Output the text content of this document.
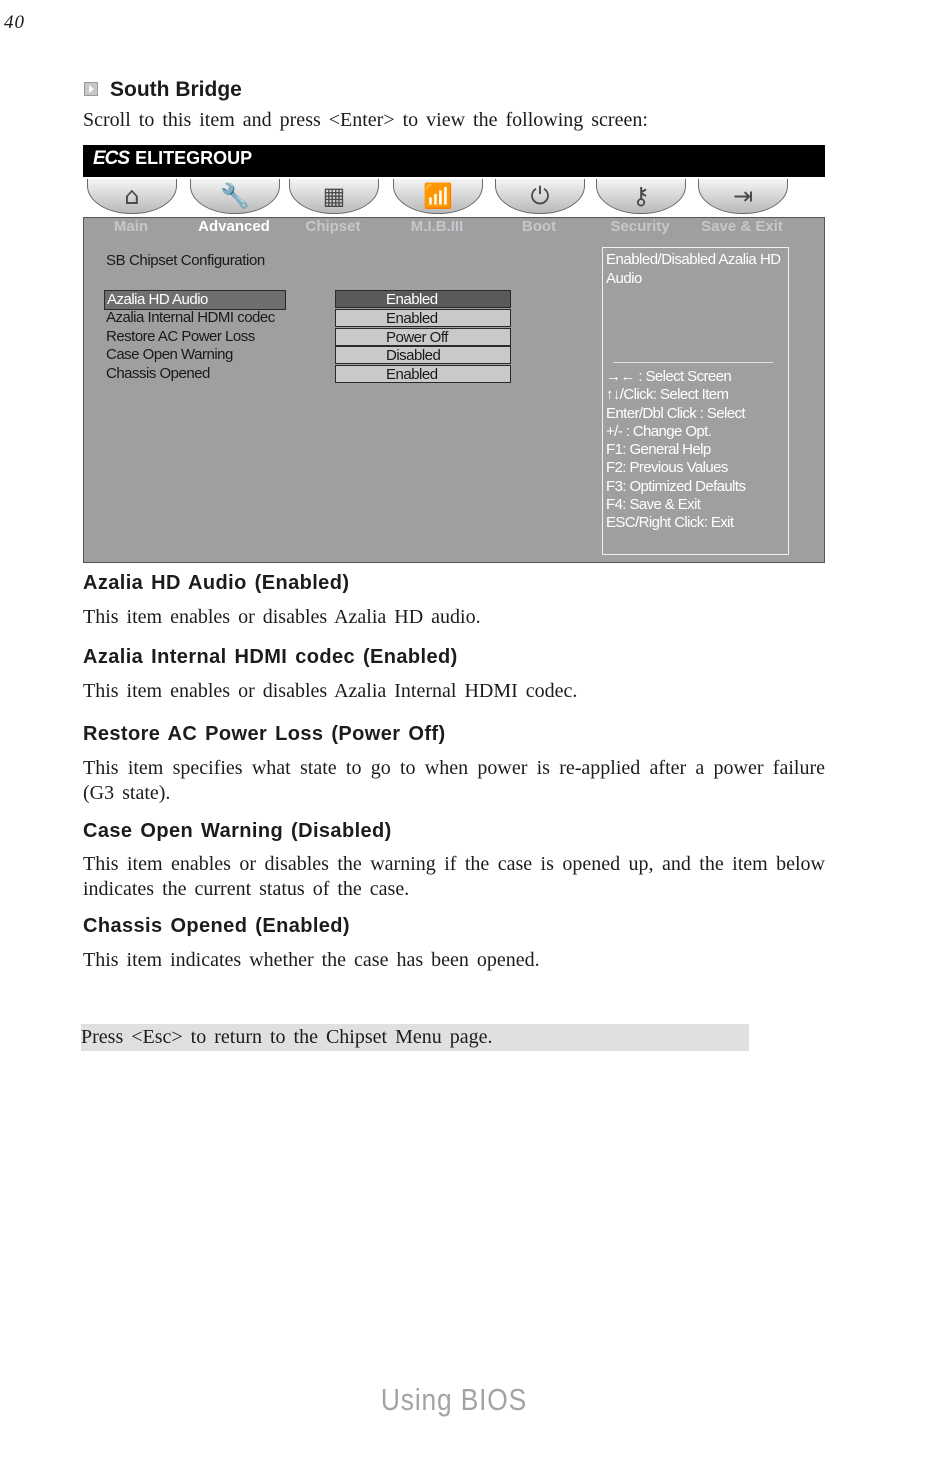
40
South Bridge
Scroll to this item and press <Enter> to view the following screen:
ECS ELITEGROUP
SB Chipset Configuration
Azalia HD Audio
Azalia Internal HDMI codec
Restore AC Power Loss
Case Open Warning
Chassis Opened
Enabled
Enabled
Power Off
Disabled
Enabled
Enabled/Disabled Azalia HD Audio
→← : Select Screen
↑↓/Click: Select Item
Enter/Dbl Click : Select
+/- : Change Opt.
F1: General Help
F2: Previous Values
F3: Optimized Defaults
F4: Save & Exit
ESC/Right Click: Exit
⌂
Main
🔧
Advanced
▦
Chipset
📶
M.I.B.III
⏻
Boot
⚷
Security
⇥
Save & Exit
Azalia HD Audio (Enabled)
This item enables or disables Azalia HD audio.
Azalia Internal HDMI codec (Enabled)
This item enables or disables Azalia Internal HDMI codec.
Restore AC Power Loss (Power Off)
This item specifies what state to go to when power is re-applied after a power failure (G3 state).
Case Open Warning (Disabled)
This item enables or disables the warning if the case is opened up, and the item below indicates the current status of the case.
Chassis Opened (Enabled)
This item indicates whether the case has been opened.
Press <Esc> to return to the Chipset Menu page.
Using BIOS
